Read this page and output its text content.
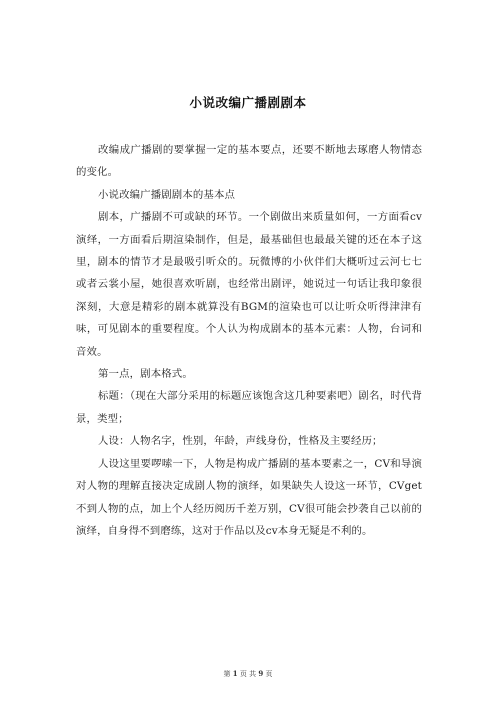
小说改编广播剧剧本

改编成广播剧的要掌握一定的基本要点，还要不断地去琢磨人物情态的变化。

小说改编广播剧剧本的基本点

剧本，广播剧不可或缺的环节。一个剧做出来质量如何，一方面看cv演绎，一方面看后期渲染制作，但是，最基础但也最最关键的还在本子这里，剧本的情节才是最吸引听众的。玩微博的小伙伴们大概听过云河七七或者云裳小屋，她很喜欢听剧，也经常出剧评，她说过一句话让我印象很深刻，大意是精彩的剧本就算没有BGM的渲染也可以让听众听得津津有味，可见剧本的重要程度。个人认为构成剧本的基本元素：人物，台词和音效。

第一点，剧本格式。

标题：（现在大部分采用的标题应该饱含这几种要素吧）剧名，时代背景，类型；

人设：人物名字，性别，年龄，声线身份，性格及主要经历；

人设这里要啰嗦一下，人物是构成广播剧的基本要素之一，CV和导演对人物的理解直接决定成剧人物的演绎，如果缺失人设这一环节，CVget不到人物的点，加上个人经历阅历千差万别，CV很可能会抄袭自己以前的演绎，自身得不到磨练，这对于作品以及cv本身无疑是不利的。

第 1 页 共 9 页
